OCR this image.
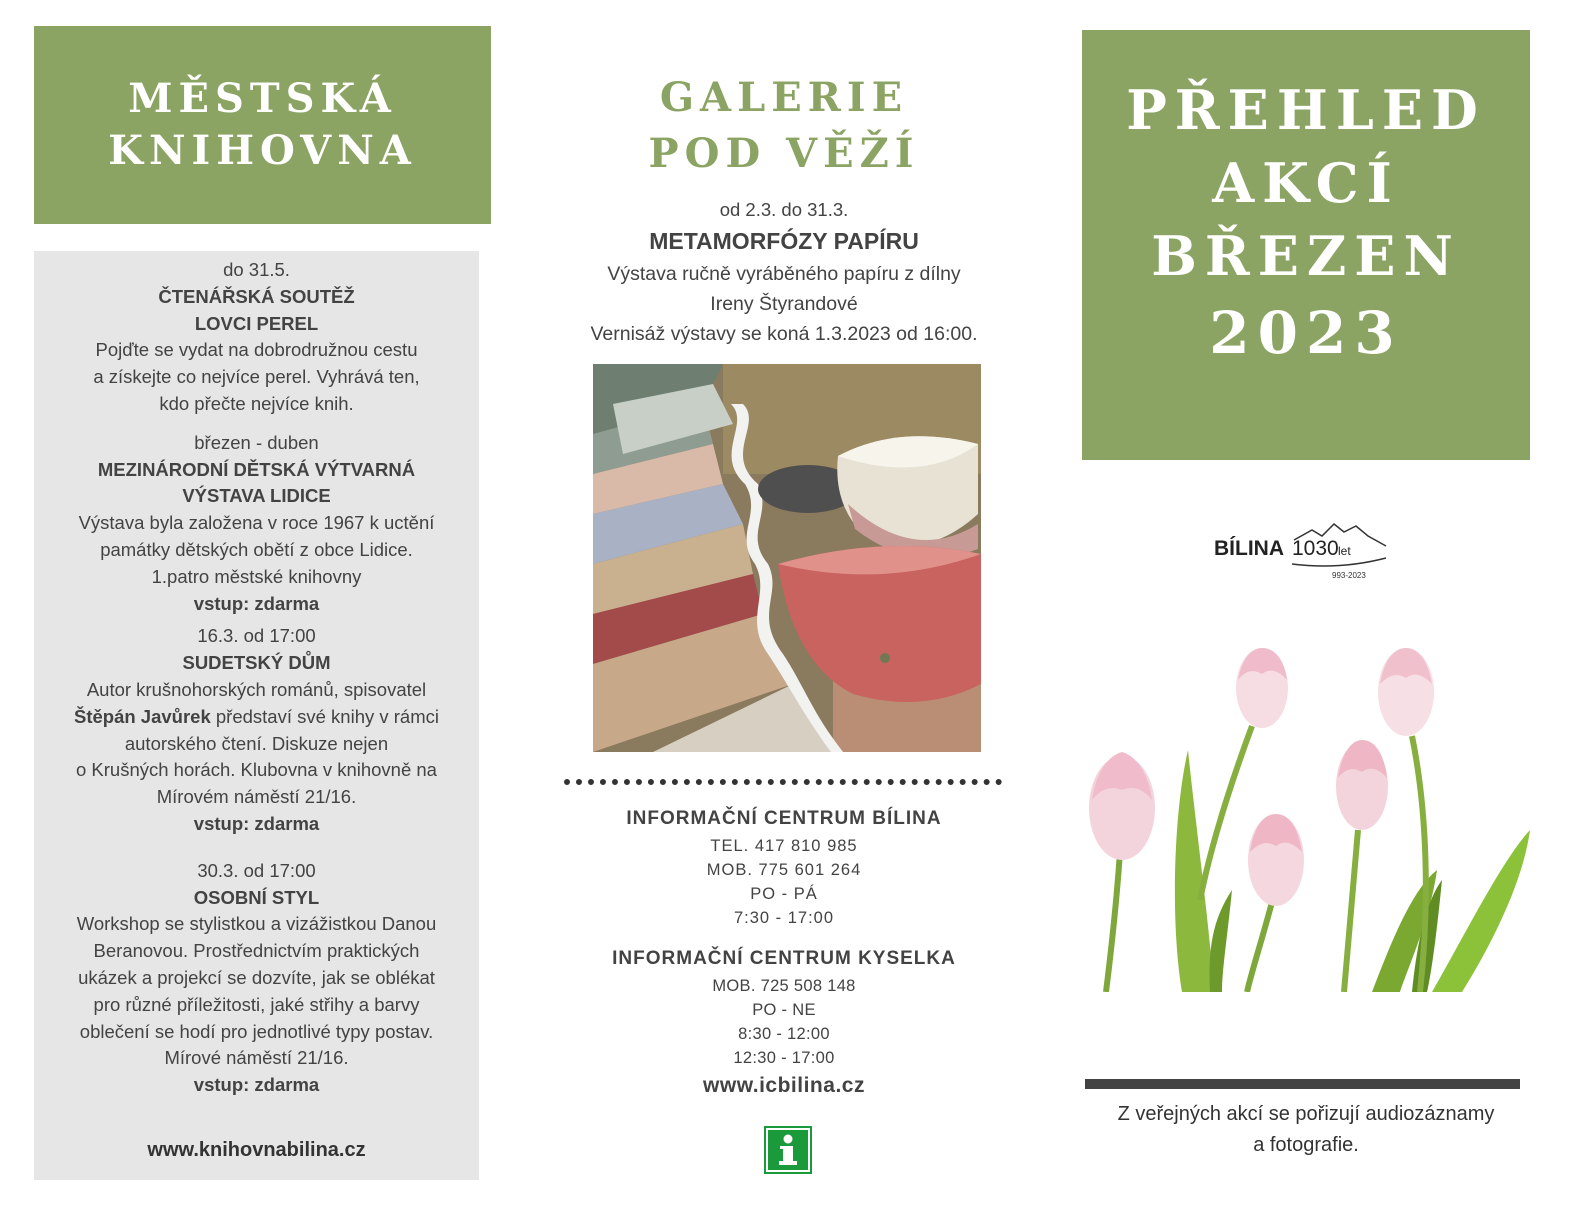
MĚSTSKÁ
KNIHOVNA
do 31.5.
ČTENÁŘSKÁ SOUTĚŽ
LOVCI PEREL
Pojďte se vydat na dobrodružnou cestu
a získejte co nejvíce perel. Vyhrává ten,
kdo přečte nejvíce knih.
březen - duben
MEZINÁRODNÍ DĚTSKÁ VÝTVARNÁ
VÝSTAVA LIDICE
Výstava byla založena v roce 1967 k uctění
památky dětských obětí z obce Lidice.
1.patro městské knihovny
vstup: zdarma
16.3. od 17:00
SUDETSKÝ DŮM
Autor krušnohorských románů, spisovatel
Štěpán Javůrek představí své knihy v rámci
autorského čtení. Diskuze nejen
o Krušných horách. Klubovna v knihovně na
Mírovém náměstí 21/16.
vstup: zdarma
30.3. od 17:00
OSOBNÍ STYL
Workshop se stylistkou a vizážistkou Danou
Beranovou. Prostřednictvím praktických
ukázek a projekcí se dozvíte, jak se oblékat
pro různé příležitosti, jaké střihy a barvy
oblečení se hodí pro jednotlivé typy postav.
Mírové náměstí 21/16.
vstup: zdarma
www.knihovnabilina.cz
GALERIE
POD VĚŽÍ
od 2.3. do 31.3.
METAMORFÓZY PAPÍRU
Výstava ručně vyráběného papíru z dílny
Ireny Štyrandové
Vernisáž výstavy se koná 1.3.2023 od 16:00.
INFORMAČNÍ CENTRUM BÍLINA
TEL. 417 810 985
MOB. 775 601 264
PO - PÁ
7:30 - 17:00
INFORMAČNÍ CENTRUM KYSELKA
MOB. 725 508 148
PO - NE
8:30 - 12:00
12:30 - 17:00
www.icbilina.cz
PŘEHLED
AKCÍ
BŘEZEN
2023
BÍLINA 1030 let
993-2023
Z veřejných akcí se pořizují audiozáznamy
a fotografie.
